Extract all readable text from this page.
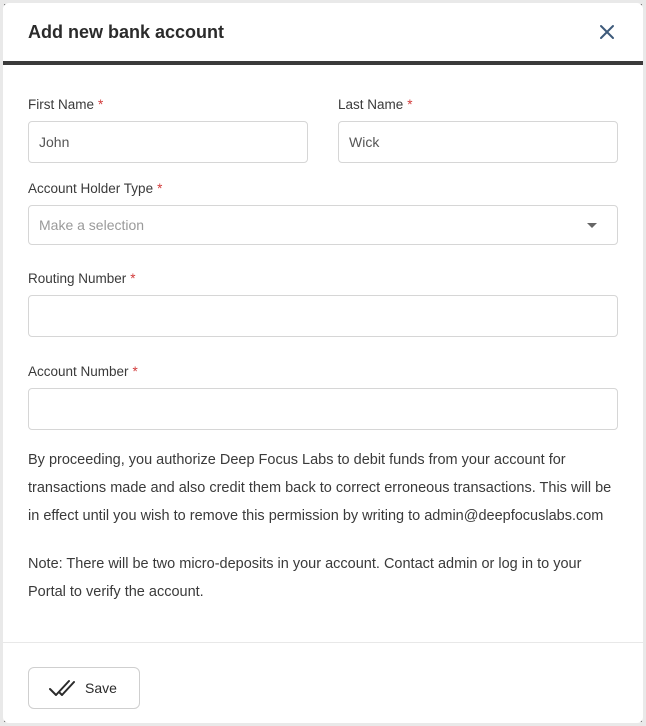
Add new bank account
First Name *
John	Last Name *
Wick
Account Holder Type *
Make a selection
Routing Number *
Account Number *

By proceeding, you authorize Deep Focus Labs to debit funds from your account for transactions made and also credit them back to correct erroneous transactions. This will be in effect until you wish to remove this permission by writing to admin@deepfocuslabs.com

Note: There will be two micro-deposits in your account. Contact admin or log in to your Portal to verify the account.

Save
